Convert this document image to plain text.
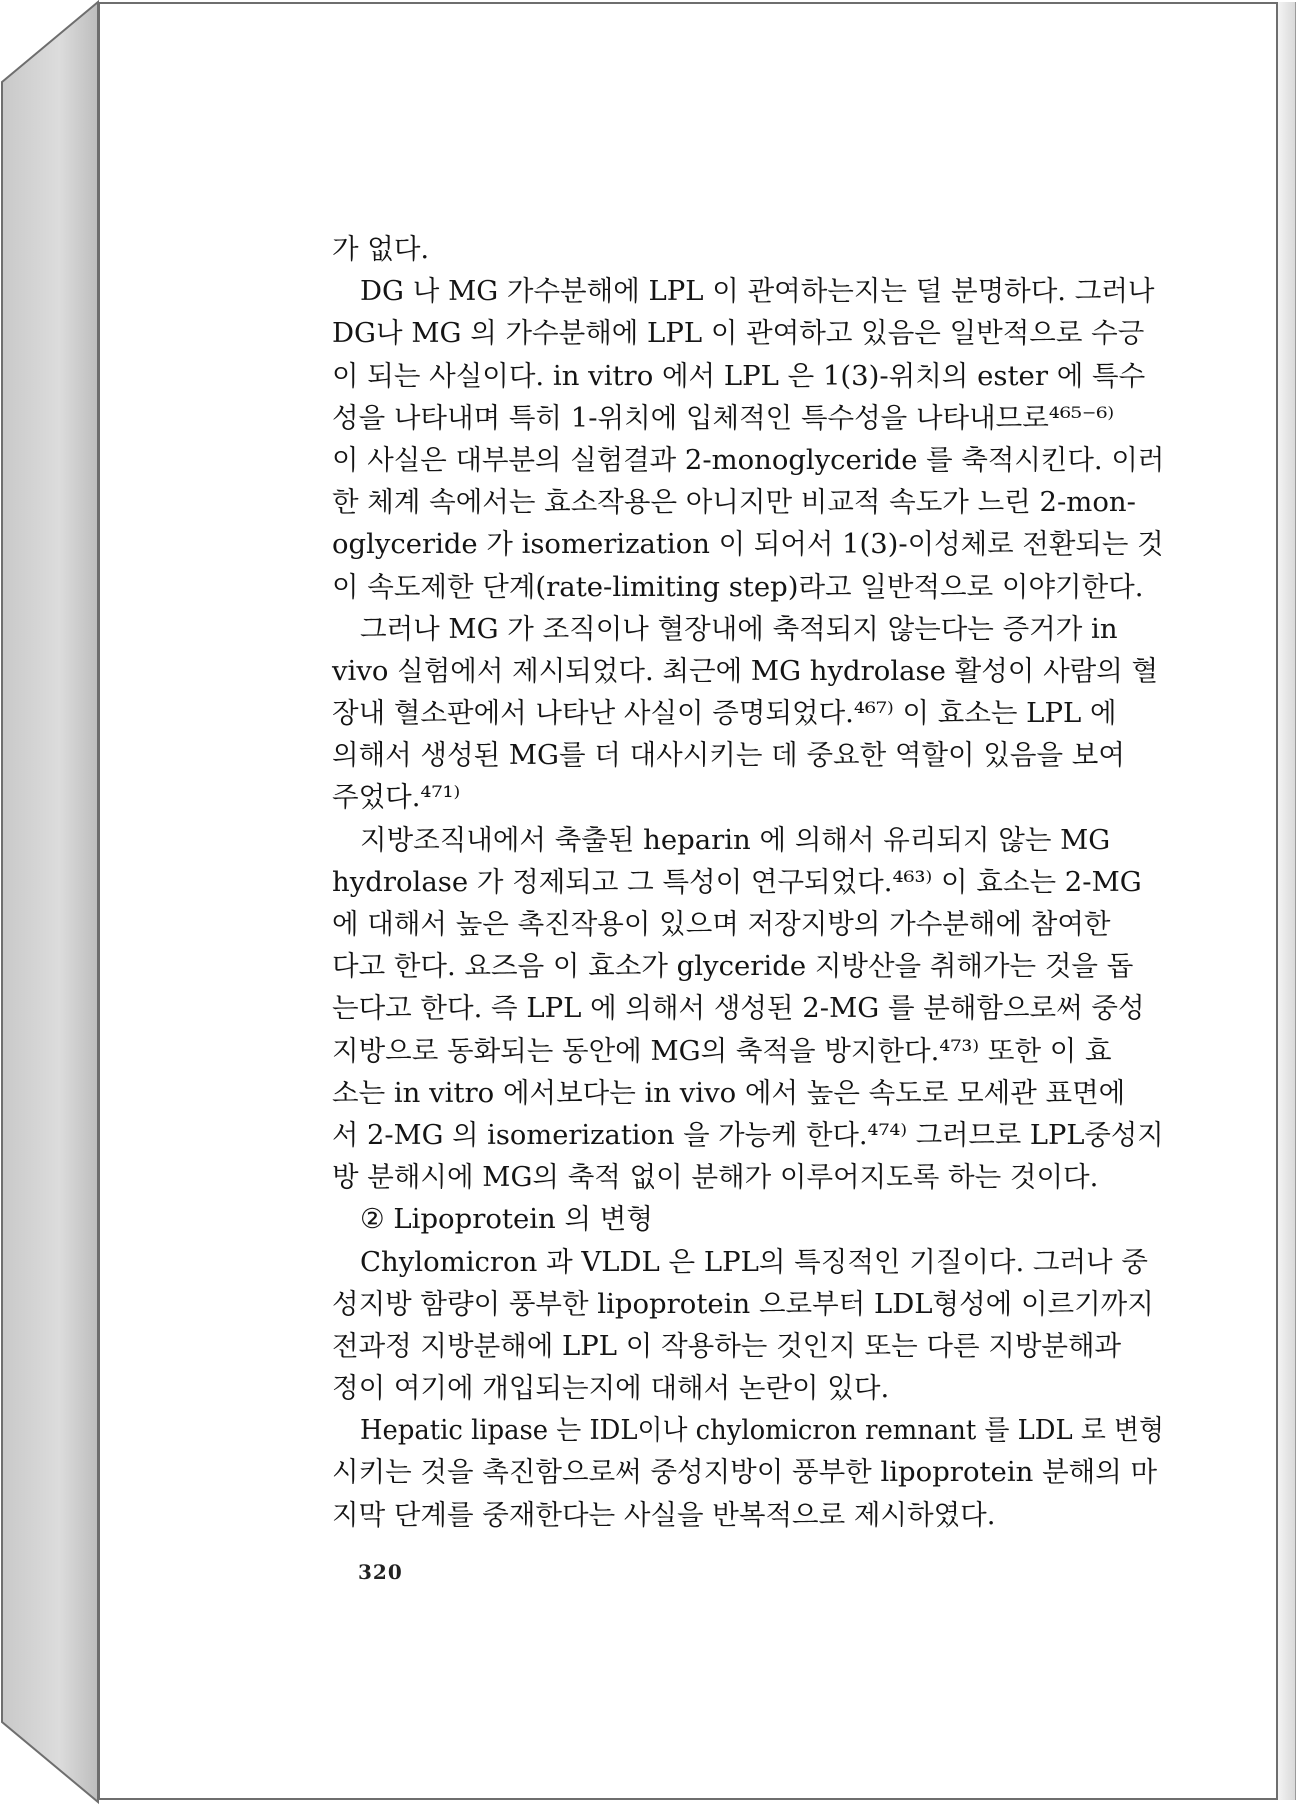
가 없다.
DG 나 MG 가수분해에 LPL 이 관여하는지는 덜 분명하다. 그러나
DG나 MG 의 가수분해에 LPL 이 관여하고 있음은 일반적으로 수긍
이 되는 사실이다. in vitro 에서 LPL 은 1(3)-위치의 ester 에 특수
성을 나타내며 특히 1-위치에 입체적인 특수성을 나타내므로⁴⁶⁵⁻⁶⁾
이 사실은 대부분의 실험결과 2-monoglyceride 를 축적시킨다. 이러
한 체계 속에서는 효소작용은 아니지만 비교적 속도가 느린 2-mon-
oglyceride 가 isomerization 이 되어서 1(3)-이성체로 전환되는 것
이 속도제한 단계(rate-limiting step)라고 일반적으로 이야기한다.
그러나 MG 가 조직이나 혈장내에 축적되지 않는다는 증거가 in
vivo 실험에서 제시되었다. 최근에 MG hydrolase 활성이 사람의 혈
장내 혈소판에서 나타난 사실이 증명되었다.⁴⁶⁷⁾ 이 효소는 LPL 에
의해서 생성된 MG를 더 대사시키는 데 중요한 역할이 있음을 보여
주었다.⁴⁷¹⁾
지방조직내에서 축출된 heparin 에 의해서 유리되지 않는 MG
hydrolase 가 정제되고 그 특성이 연구되었다.⁴⁶³⁾ 이 효소는 2-MG
에 대해서 높은 촉진작용이 있으며 저장지방의 가수분해에 참여한
다고 한다. 요즈음 이 효소가 glyceride 지방산을 취해가는 것을 돕
는다고 한다. 즉 LPL 에 의해서 생성된 2-MG 를 분해함으로써 중성
지방으로 동화되는 동안에 MG의 축적을 방지한다.⁴⁷³⁾ 또한 이 효
소는 in vitro 에서보다는 in vivo 에서 높은 속도로 모세관 표면에
서 2-MG 의 isomerization 을 가능케 한다.⁴⁷⁴⁾ 그러므로 LPL중성지
방 분해시에 MG의 축적 없이 분해가 이루어지도록 하는 것이다.
② Lipoprotein 의 변형
Chylomicron 과 VLDL 은 LPL의 특징적인 기질이다. 그러나 중
성지방 함량이 풍부한 lipoprotein 으로부터 LDL형성에 이르기까지
전과정 지방분해에 LPL 이 작용하는 것인지 또는 다른 지방분해과
정이 여기에 개입되는지에 대해서 논란이 있다.
Hepatic lipase 는 IDL이나 chylomicron remnant 를 LDL 로 변형
시키는 것을 촉진함으로써 중성지방이 풍부한 lipoprotein 분해의 마
지막 단계를 중재한다는 사실을 반복적으로 제시하였다.
320
